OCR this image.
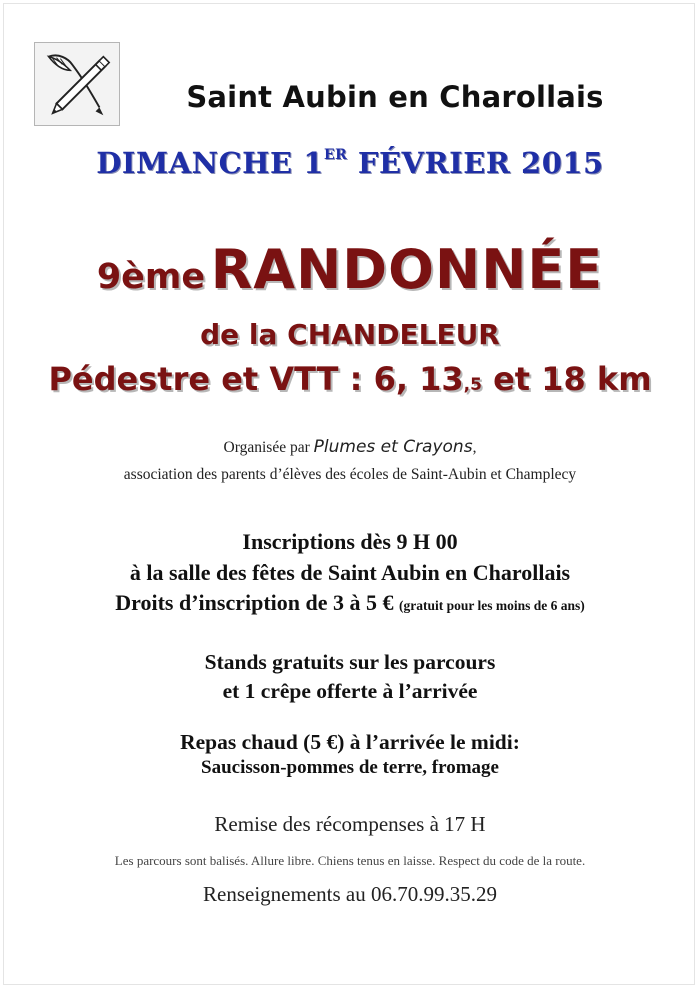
Saint Aubin en Charollais
DIMANCHE 1ER FÉVRIER 2015
9ème RANDONNÉE
de la CHANDELEUR
Pédestre et VTT : 6, 13,5 et 18 km
Organisée par Plumes et Crayons,
association des parents d’élèves des écoles de Saint-Aubin et Champlecy
Inscriptions dès 9 H 00
à la salle des fêtes de Saint Aubin en Charollais
Droits d’inscription de 3 à 5 € (gratuit pour les moins de 6 ans)
Stands gratuits sur les parcours
et 1 crêpe offerte à l’arrivée
Repas chaud (5 €) à l’arrivée le midi:
Saucisson-pommes de terre, fromage
Remise des récompenses à 17 H
Les parcours sont balisés. Allure libre. Chiens tenus en laisse. Respect du code de la route.
Renseignements au 06.70.99.35.29
